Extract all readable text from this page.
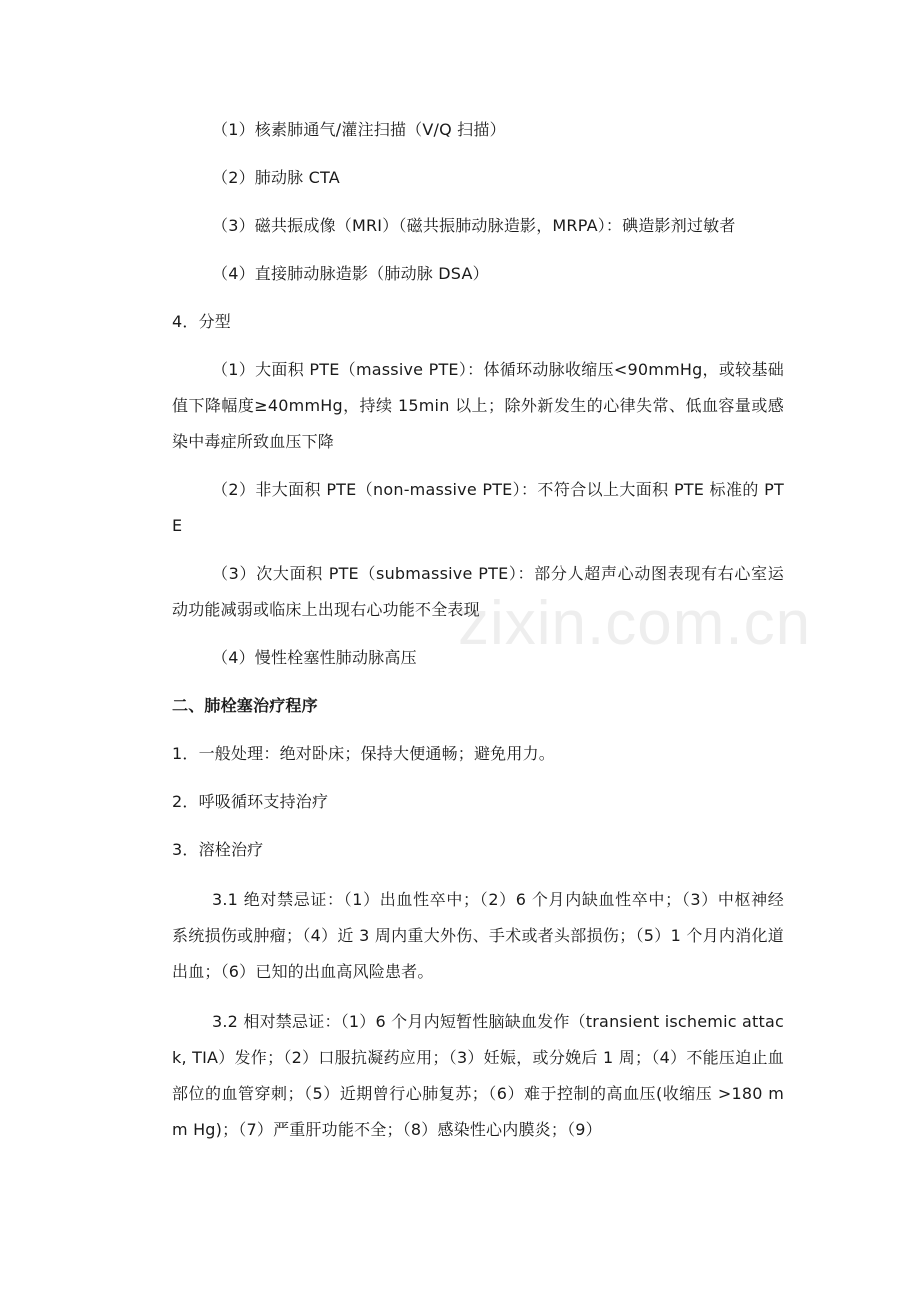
zixin.com.cn

（1）核素肺通气/灌注扫描（V/Q 扫描）

（2）肺动脉 CTA

（3）磁共振成像（MRI）（磁共振肺动脉造影，MRPA）：碘造影剂过敏者

（4）直接肺动脉造影（肺动脉 DSA）

4．分型

（1）大面积 PTE（massive PTE）：体循环动脉收缩压<90mmHg，或较基础值下降幅度≥40mmHg，持续 15min 以上；除外新发生的心律失常、低血容量或感染中毒症所致血压下降

（2）非大面积 PTE（non-massive PTE）：不符合以上大面积 PTE 标准的 PTE

（3）次大面积 PTE（submassive PTE）：部分人超声心动图表现有右心室运动功能减弱或临床上出现右心功能不全表现

（4）慢性栓塞性肺动脉高压

二、肺栓塞治疗程序

1．一般处理：绝对卧床；保持大便通畅；避免用力。

2．呼吸循环支持治疗

3．溶栓治疗

3.1 绝对禁忌证：（1）出血性卒中；（2）6 个月内缺血性卒中；（3）中枢神经系统损伤或肿瘤；（4）近 3 周内重大外伤、手术或者头部损伤；（5）1 个月内消化道出血；（6）已知的出血高风险患者。

3.2 相对禁忌证：（1）6 个月内短暂性脑缺血发作（transient ischemic attack, TIA）发作；（2）口服抗凝药应用；（3）妊娠，或分娩后 1 周；（4）不能压迫止血部位的血管穿刺；（5）近期曾行心肺复苏；（6）难于控制的高血压(收缩压 >180 mm Hg)；（7）严重肝功能不全；（8）感染性心内膜炎；（9）
